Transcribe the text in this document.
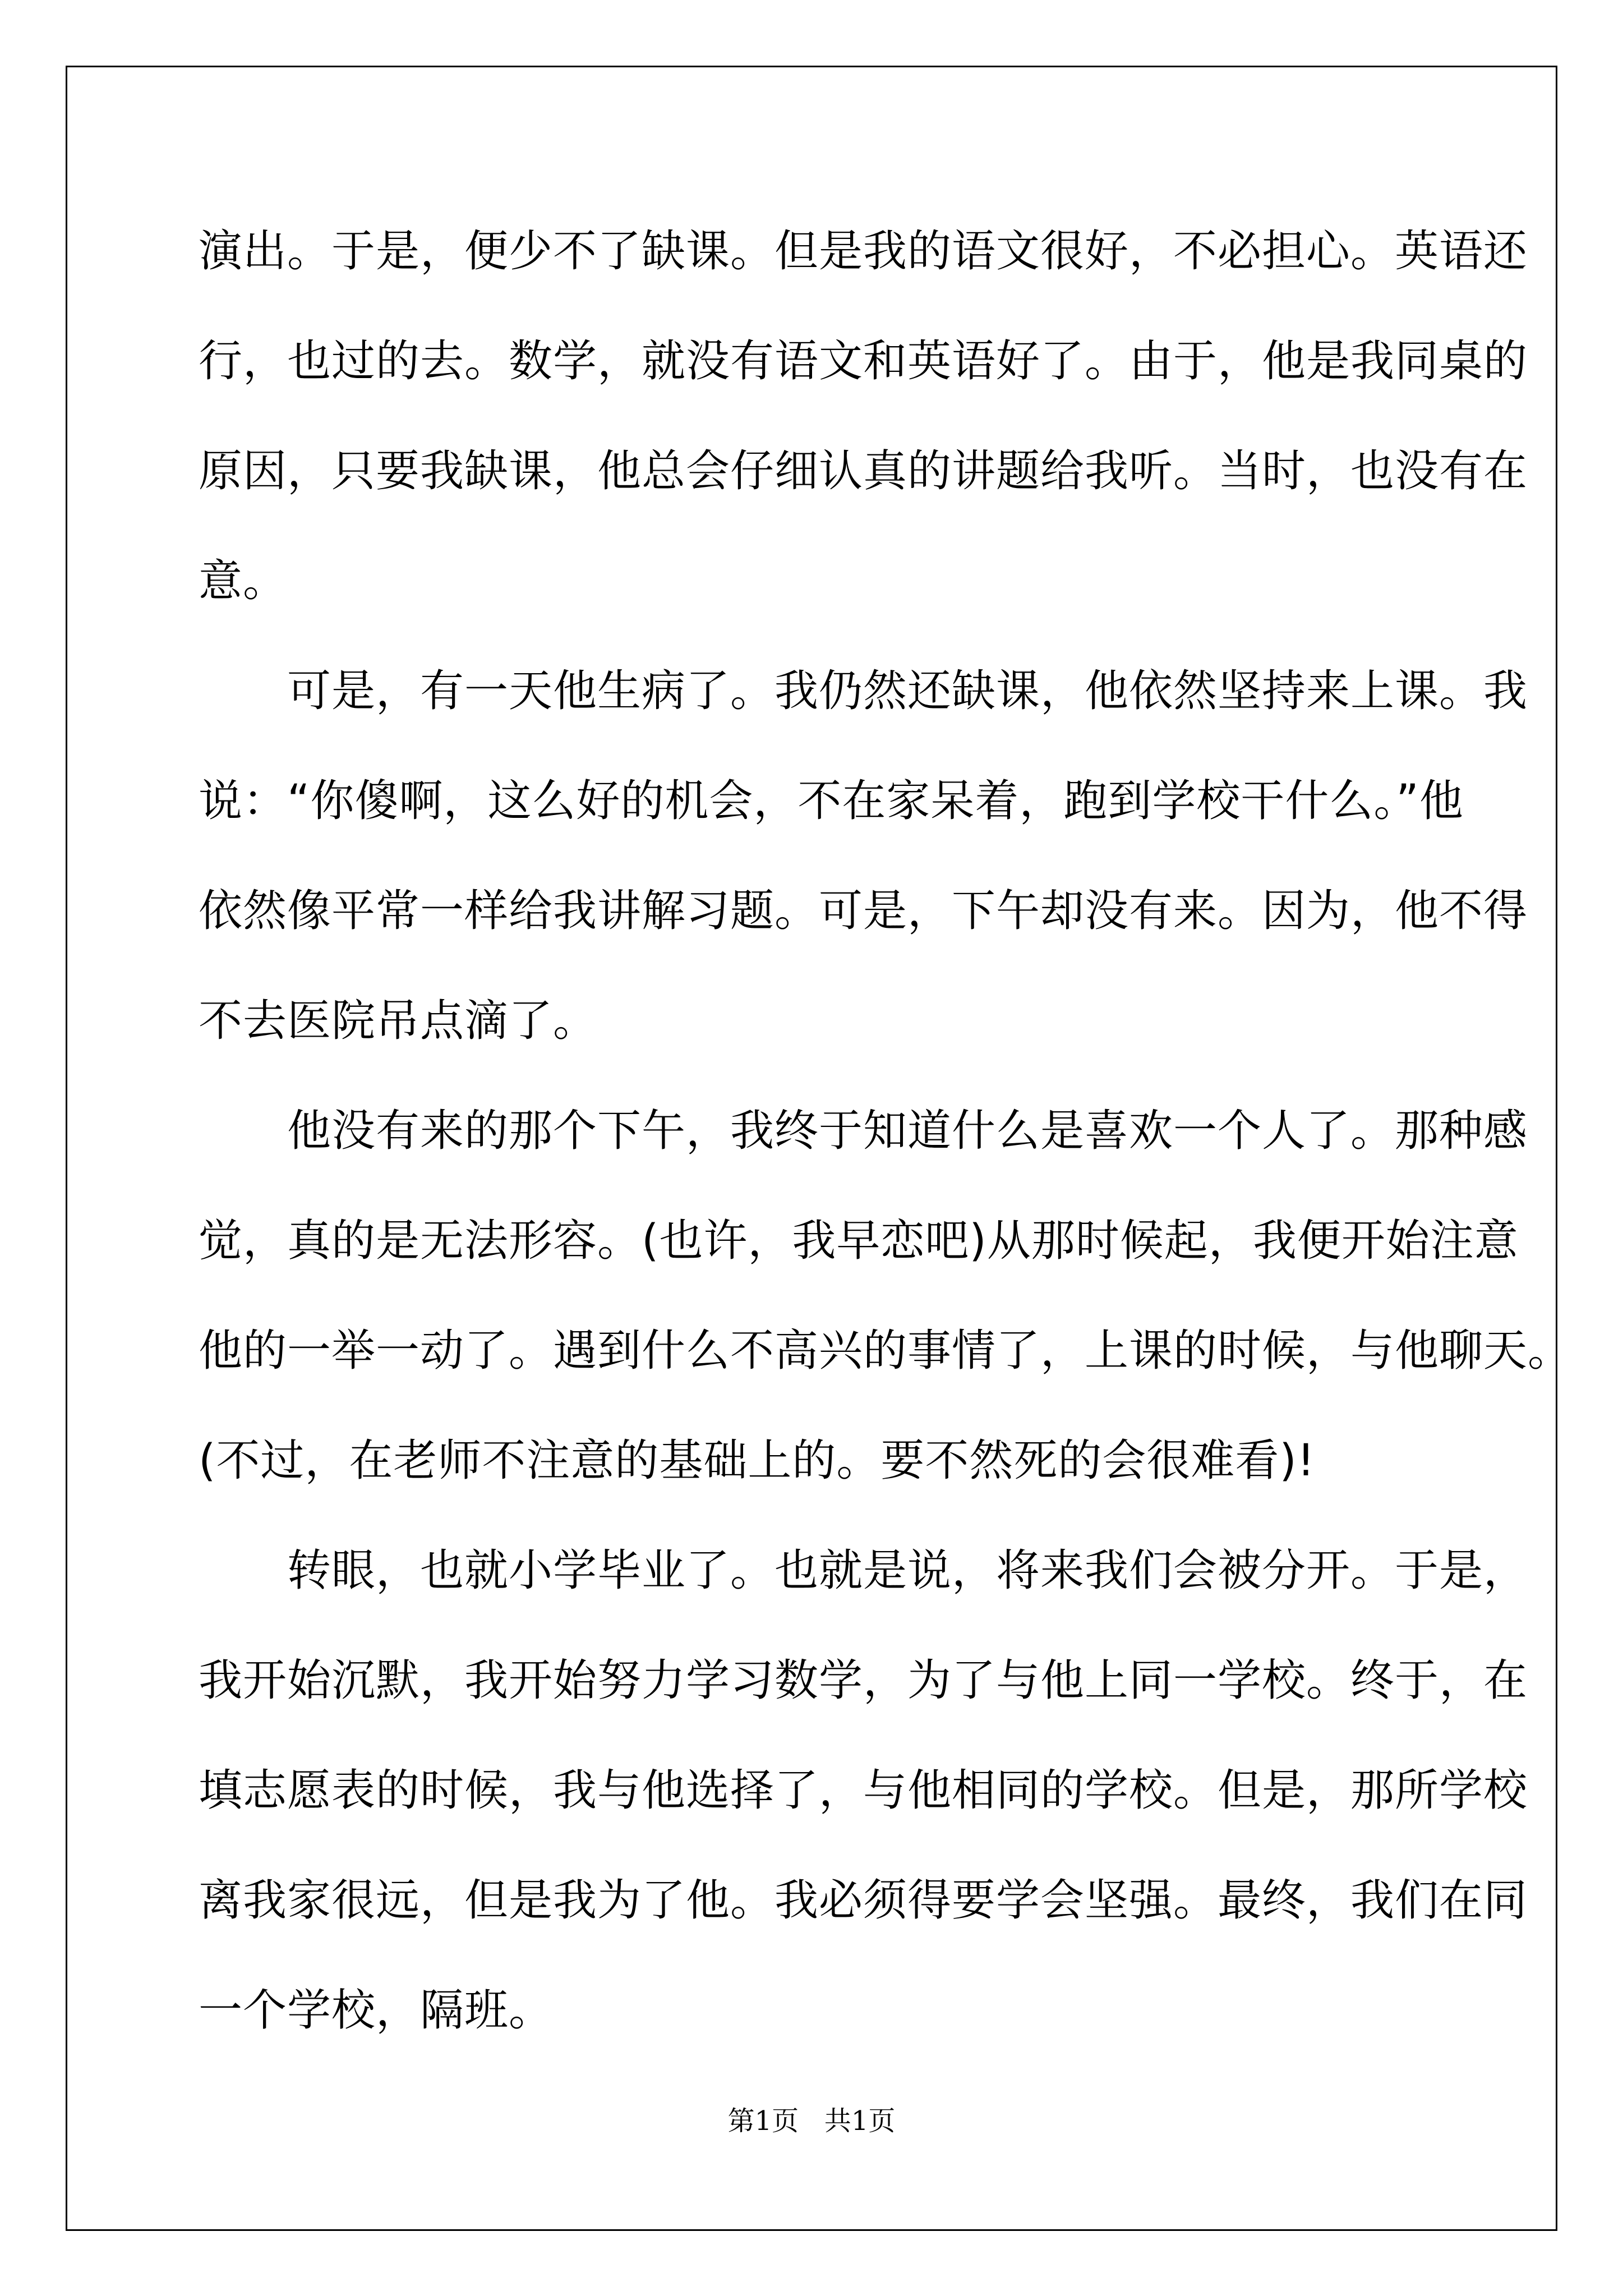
演出。于是，便少不了缺课。但是我的语文很好，不必担心。英语还
行，也过的去。数学，就没有语文和英语好了。由于，他是我同桌的
原因，只要我缺课，他总会仔细认真的讲题给我听。当时，也没有在
意。
　　可是，有一天他生病了。我仍然还缺课，他依然坚持来上课。我
说：“你傻啊，这么好的机会，不在家呆着，跑到学校干什么。”他
依然像平常一样给我讲解习题。可是，下午却没有来。因为，他不得
不去医院吊点滴了。
　　他没有来的那个下午，我终于知道什么是喜欢一个人了。那种感
觉，真的是无法形容。(也许，我早恋吧)从那时候起，我便开始注意
他的一举一动了。遇到什么不高兴的事情了，上课的时候，与他聊天。
(不过，在老师不注意的基础上的。要不然死的会很难看)!
　　转眼，也就小学毕业了。也就是说，将来我们会被分开。于是，
我开始沉默，我开始努力学习数学，为了与他上同一学校。终于，在
填志愿表的时候，我与他选择了，与他相同的学校。但是，那所学校
离我家很远，但是我为了他。我必须得要学会坚强。最终，我们在同
一个学校，隔班。
第1页   共1页
